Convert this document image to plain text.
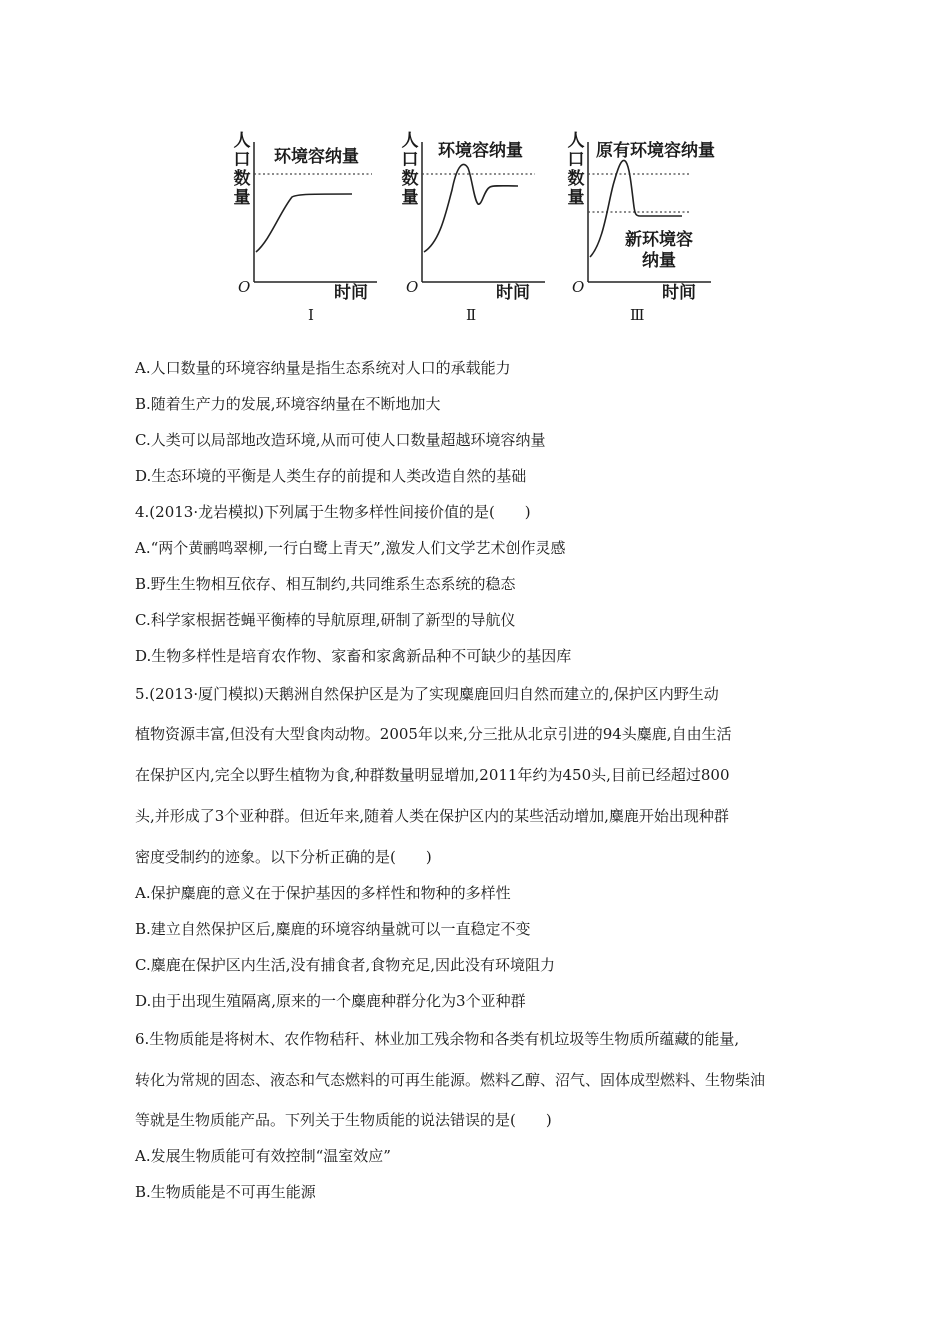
人口数量
环境容纳量
O	时间
Ⅰ
人口数量
环境容纳量
O	时间
Ⅱ
人口数量
原有环境容纳量
新环境容纳量
O	时间
Ⅲ
A.人口数量的环境容纳量是指生态系统对人口的承载能力
B.随着生产力的发展,环境容纳量在不断地加大
C.人类可以局部地改造环境,从而可使人口数量超越环境容纳量
D.生态环境的平衡是人类生存的前提和人类改造自然的基础
4.(2013·龙岩模拟)下列属于生物多样性间接价值的是(　　)
A.“两个黄鹂鸣翠柳,一行白鹭上青天”,激发人们文学艺术创作灵感
B.野生生物相互依存、相互制约,共同维系生态系统的稳态
C.科学家根据苍蝇平衡棒的导航原理,研制了新型的导航仪
D.生物多样性是培育农作物、家畜和家禽新品种不可缺少的基因库
5.(2013·厦门模拟)天鹅洲自然保护区是为了实现麋鹿回归自然而建立的,保护区内野生动
植物资源丰富,但没有大型食肉动物。2005年以来,分三批从北京引进的94头麋鹿,自由生活
在保护区内,完全以野生植物为食,种群数量明显增加,2011年约为450头,目前已经超过800
头,并形成了3个亚种群。但近年来,随着人类在保护区内的某些活动增加,麋鹿开始出现种群
密度受制约的迹象。以下分析正确的是(　　)
A.保护麋鹿的意义在于保护基因的多样性和物种的多样性
B.建立自然保护区后,麋鹿的环境容纳量就可以一直稳定不变
C.麋鹿在保护区内生活,没有捕食者,食物充足,因此没有环境阻力
D.由于出现生殖隔离,原来的一个麋鹿种群分化为3个亚种群
6.生物质能是将树木、农作物秸秆、林业加工残余物和各类有机垃圾等生物质所蕴藏的能量,
转化为常规的固态、液态和气态燃料的可再生能源。燃料乙醇、沼气、固体成型燃料、生物柴油
等就是生物质能产品。下列关于生物质能的说法错误的是(　　)
A.发展生物质能可有效控制“温室效应”
B.生物质能是不可再生能源
